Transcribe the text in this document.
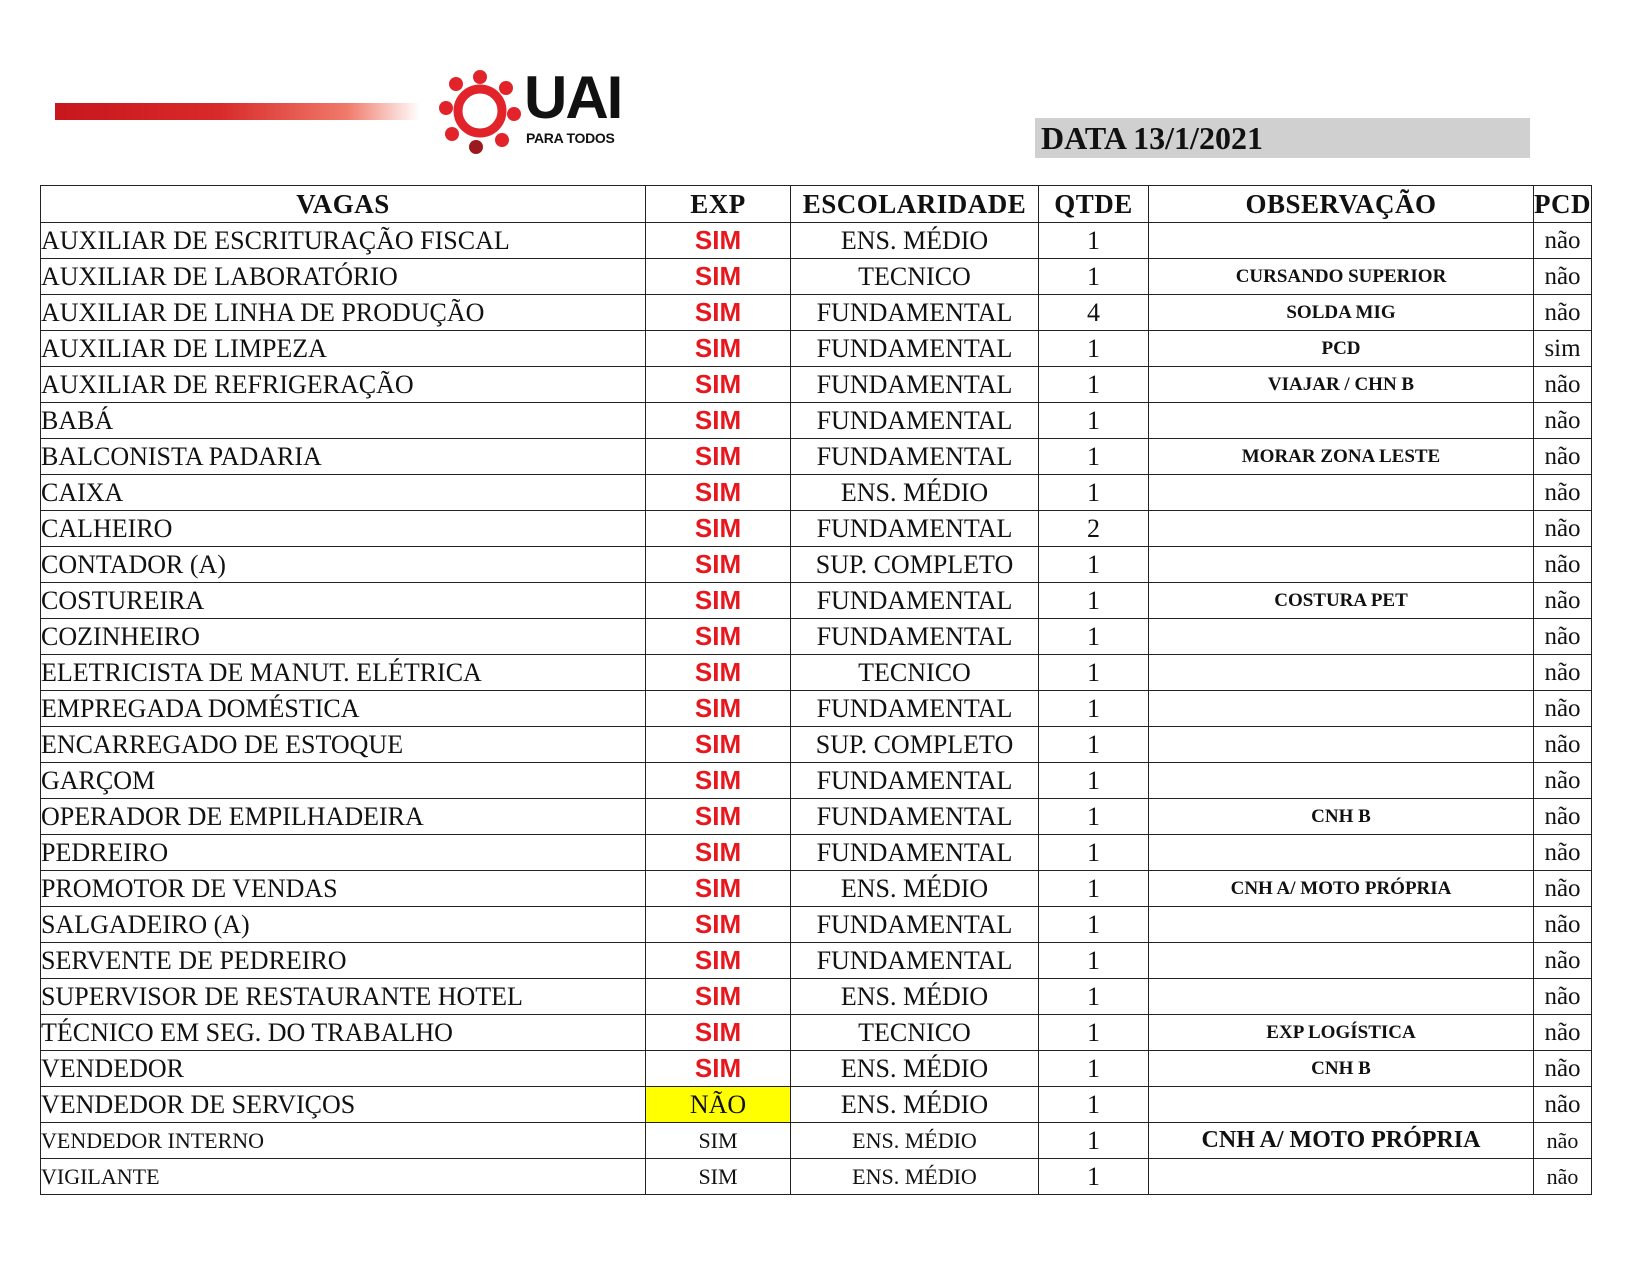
UAI
PARA TODOS	DATA 13/1/2021
VAGAS	EXP	ESCOLARIDADE	QTDE	OBSERVAÇÃO	PCD
AUXILIAR DE ESCRITURAÇÃO FISCAL	SIM	ENS. MÉDIO	1		não
AUXILIAR DE LABORATÓRIO	SIM	TECNICO	1	CURSANDO SUPERIOR	não
AUXILIAR DE LINHA DE PRODUÇÃO	SIM	FUNDAMENTAL	4	SOLDA MIG	não
AUXILIAR DE LIMPEZA	SIM	FUNDAMENTAL	1	PCD	sim
AUXILIAR DE REFRIGERAÇÃO	SIM	FUNDAMENTAL	1	VIAJAR / CHN B	não
BABÁ	SIM	FUNDAMENTAL	1		não
BALCONISTA PADARIA	SIM	FUNDAMENTAL	1	MORAR ZONA LESTE	não
CAIXA	SIM	ENS. MÉDIO	1		não
CALHEIRO	SIM	FUNDAMENTAL	2		não
CONTADOR (A)	SIM	SUP. COMPLETO	1		não
COSTUREIRA	SIM	FUNDAMENTAL	1	COSTURA PET	não
COZINHEIRO	SIM	FUNDAMENTAL	1		não
ELETRICISTA DE MANUT. ELÉTRICA	SIM	TECNICO	1		não
EMPREGADA DOMÉSTICA	SIM	FUNDAMENTAL	1		não
ENCARREGADO DE ESTOQUE	SIM	SUP. COMPLETO	1		não
GARÇOM	SIM	FUNDAMENTAL	1		não
OPERADOR DE EMPILHADEIRA	SIM	FUNDAMENTAL	1	CNH B	não
PEDREIRO	SIM	FUNDAMENTAL	1		não
PROMOTOR DE VENDAS	SIM	ENS. MÉDIO	1	CNH A/ MOTO PRÓPRIA	não
SALGADEIRO (A)	SIM	FUNDAMENTAL	1		não
SERVENTE DE PEDREIRO	SIM	FUNDAMENTAL	1		não
SUPERVISOR DE RESTAURANTE HOTEL	SIM	ENS. MÉDIO	1		não
TÉCNICO EM SEG. DO TRABALHO	SIM	TECNICO	1	EXP LOGÍSTICA	não
VENDEDOR	SIM	ENS. MÉDIO	1	CNH B	não
VENDEDOR DE SERVIÇOS	NÃO	ENS. MÉDIO	1		não
VENDEDOR INTERNO	SIM	ENS. MÉDIO	1	CNH A/ MOTO PRÓPRIA	não
VIGILANTE	SIM	ENS. MÉDIO	1		não
